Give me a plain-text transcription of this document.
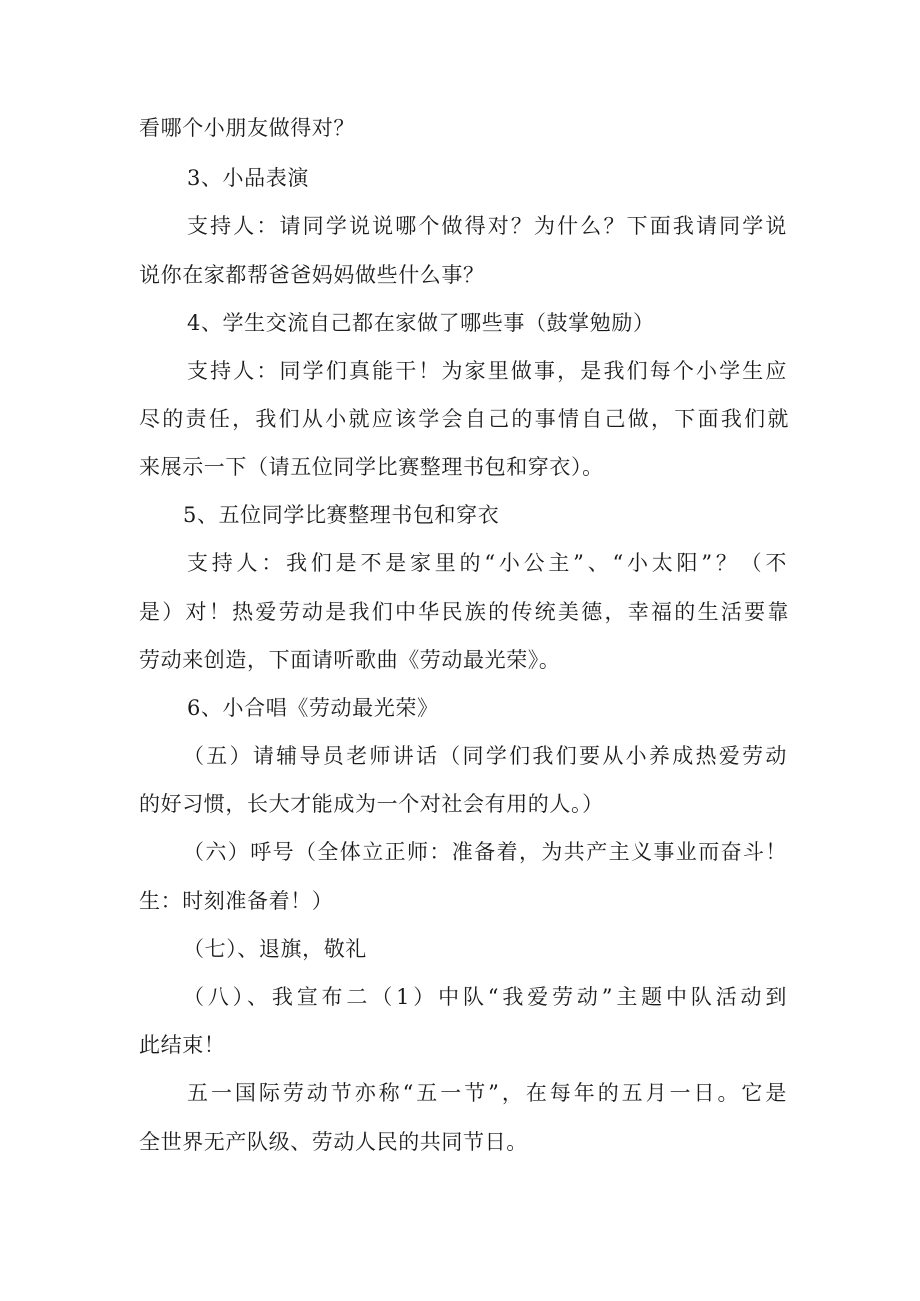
看哪个小朋友做得对？
3、小品表演
支持人：请同学说说哪个做得对？为什么？下面我请同学说
说你在家都帮爸爸妈妈做些什么事？
4、学生交流自己都在家做了哪些事（鼓掌勉励）
支持人：同学们真能干！为家里做事，是我们每个小学生应
尽的责任，我们从小就应该学会自己的事情自己做，下面我们就
来展示一下（请五位同学比赛整理书包和穿衣）。
5、五位同学比赛整理书包和穿衣
支持人：我们是不是家里的“小公主”、“小太阳”？（不
是）对！热爱劳动是我们中华民族的传统美德，幸福的生活要靠
劳动来创造，下面请听歌曲《劳动最光荣》。
6、小合唱《劳动最光荣》
（五）请辅导员老师讲话（同学们我们要从小养成热爱劳动
的好习惯，长大才能成为一个对社会有用的人。）
（六）呼号（全体立正师：准备着，为共产主义事业而奋斗！
生：时刻准备着！）
（七）、退旗，敬礼
（八）、我宣布二（1）中队“我爱劳动”主题中队活动到
此结束！
五一国际劳动节亦称“五一节”，在每年的五月一日。它是
全世界无产队级、劳动人民的共同节日。
